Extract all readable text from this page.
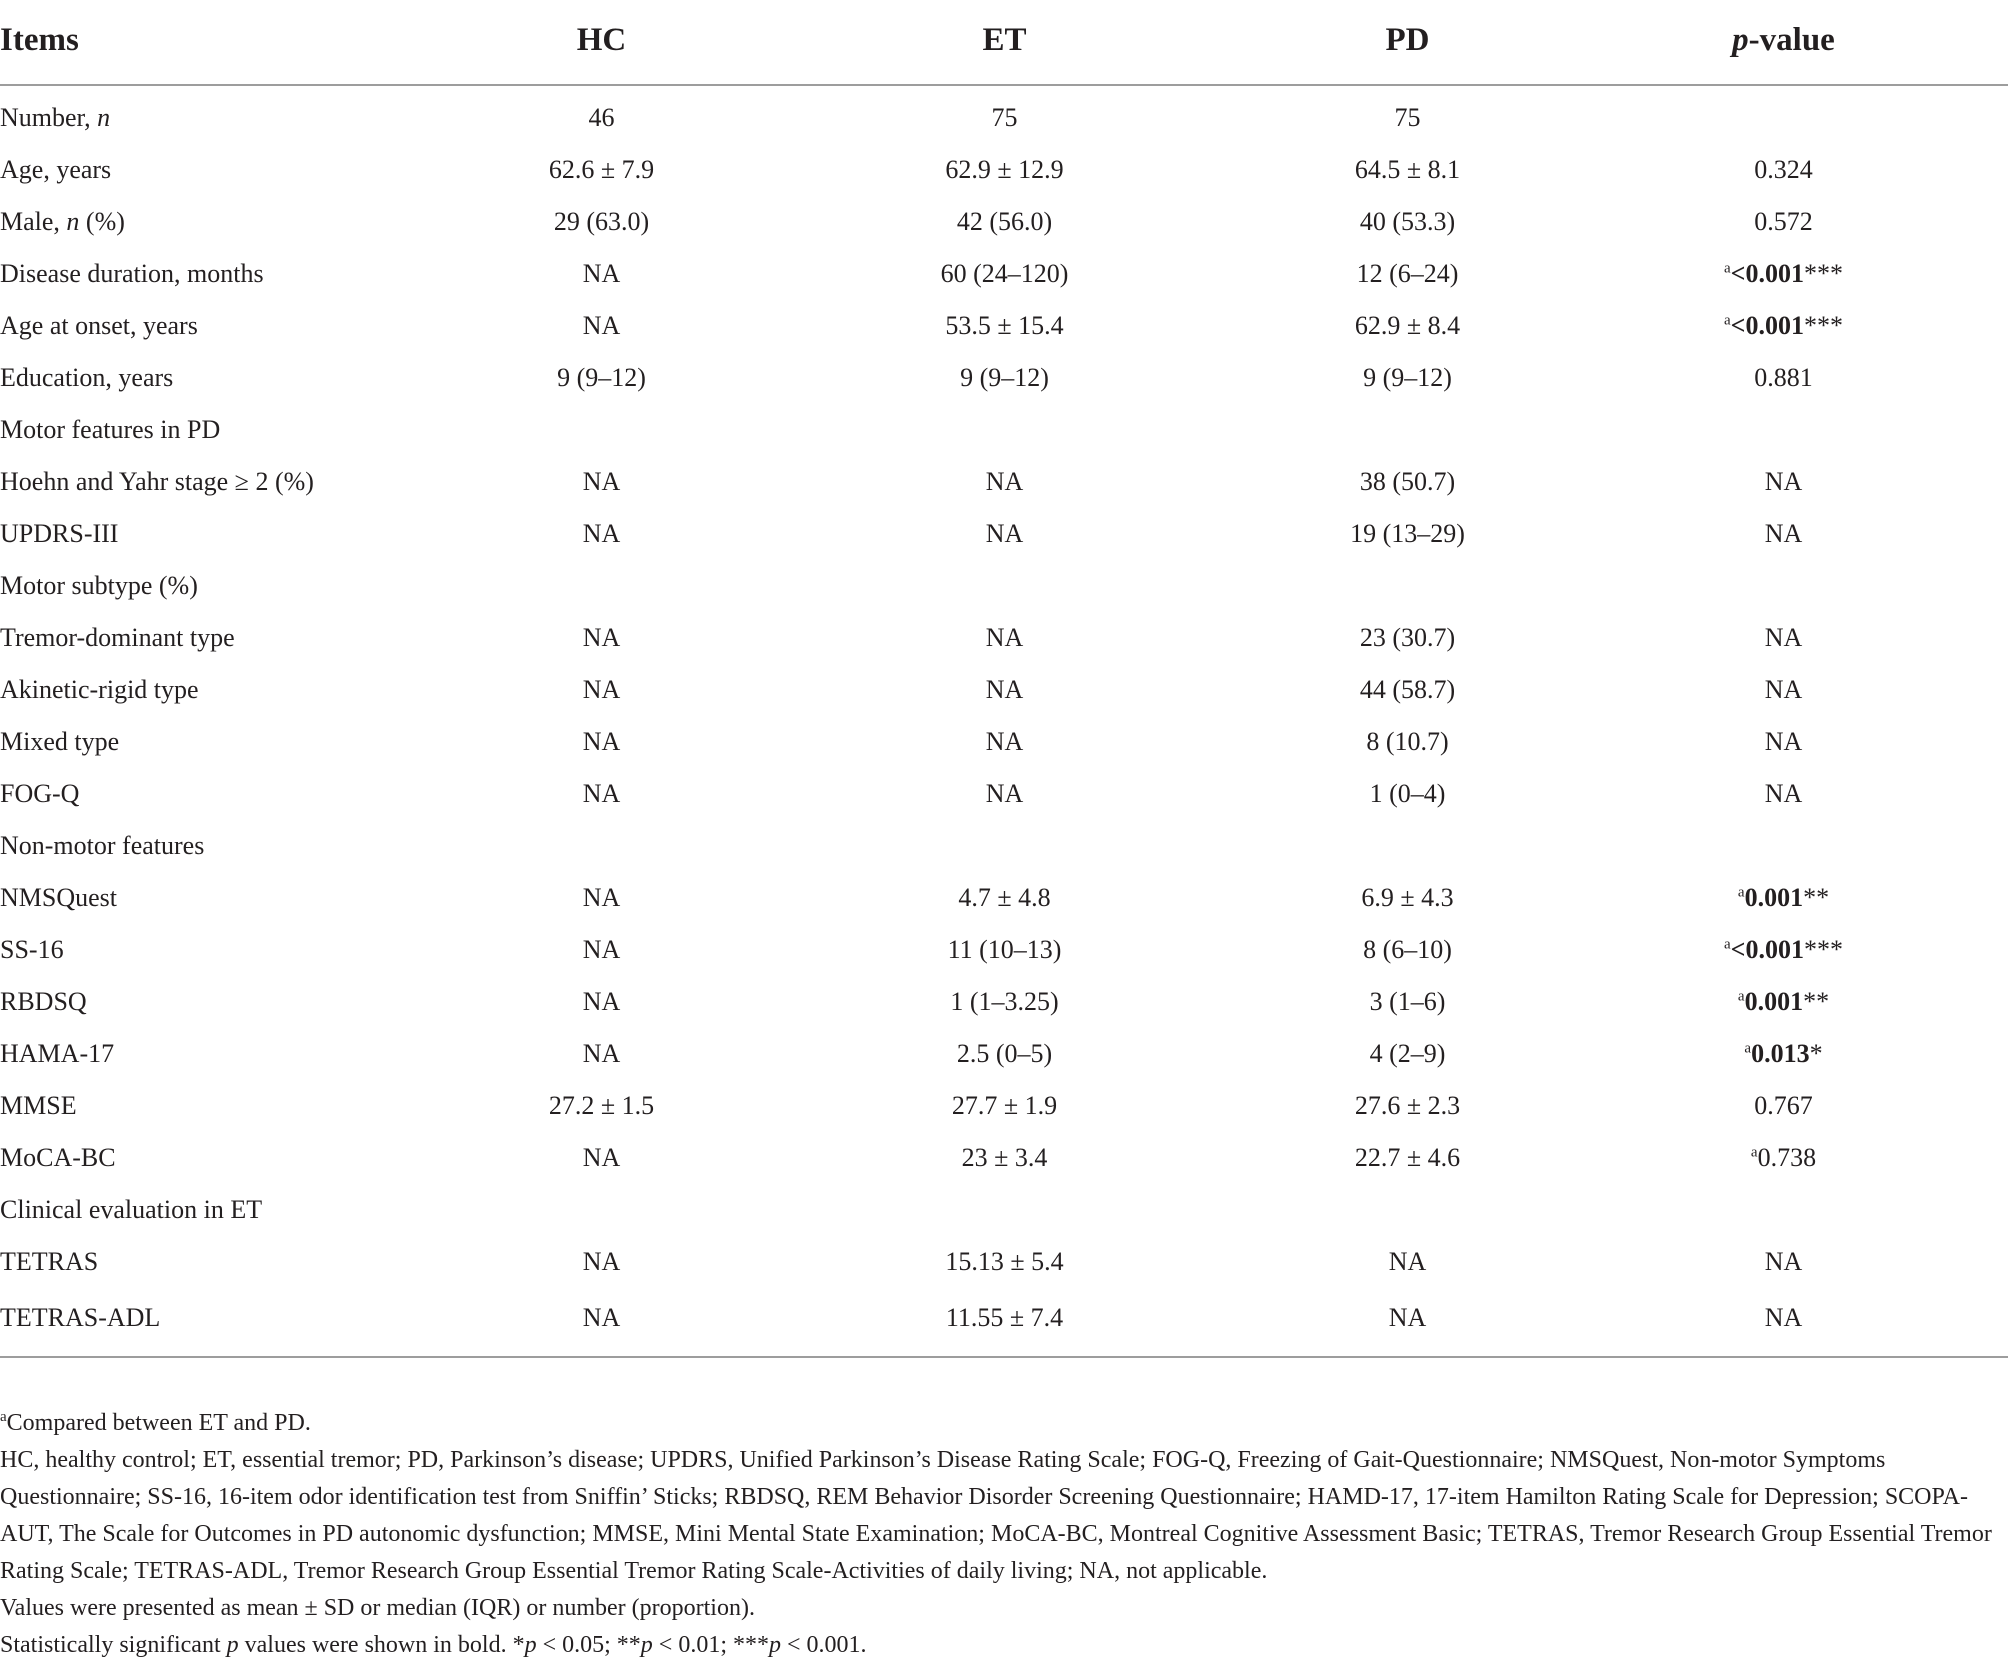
Items	HC	ET	PD	p-value
Number, n	46	75	75	
Age, years	62.6 ± 7.9	62.9 ± 12.9	64.5 ± 8.1	0.324
Male, n (%)	29 (63.0)	42 (56.0)	40 (53.3)	0.572
Disease duration, months	NA	60 (24–120)	12 (6–24)	$^a$<0.001***
Age at onset, years	NA	53.5 ± 15.4	62.9 ± 8.4	$^a$<0.001***
Education, years	9 (9–12)	9 (9–12)	9 (9–12)	0.881
Motor features in PD				
Hoehn and Yahr stage ≥ 2 (%)	NA	NA	38 (50.7)	NA
UPDRS-III	NA	NA	19 (13–29)	NA
Motor subtype (%)				
Tremor-dominant type	NA	NA	23 (30.7)	NA
Akinetic-rigid type	NA	NA	44 (58.7)	NA
Mixed type	NA	NA	8 (10.7)	NA
FOG-Q	NA	NA	1 (0–4)	NA
Non-motor features				
NMSQuest	NA	4.7 ± 4.8	6.9 ± 4.3	$^a$0.001**
SS-16	NA	11 (10–13)	8 (6–10)	$^a$<0.001***
RBDSQ	NA	1 (1–3.25)	3 (1–6)	$^a$0.001**
HAMA-17	NA	2.5 (0–5)	4 (2–9)	$^a$0.013*
MMSE	27.2 ± 1.5	27.7 ± 1.9	27.6 ± 2.3	0.767
MoCA-BC	NA	23 ± 3.4	22.7 ± 4.6	$^a$0.738
Clinical evaluation in ET				
TETRAS	NA	15.13 ± 5.4	NA	NA
TETRAS-ADL	NA	11.55 ± 7.4	NA	NA

$^a$Compared between ET and PD.

HC, healthy control; ET, essential tremor; PD, Parkinson’s disease; UPDRS, Unified Parkinson’s Disease Rating Scale; FOG-Q, Freezing of Gait-Questionnaire; NMSQuest, Non-motor Symptoms Questionnaire; SS-16, 16-item odor identification test from Sniffin’ Sticks; RBDSQ, REM Behavior Disorder Screening Questionnaire; HAMD-17, 17-item Hamilton Rating Scale for Depression; SCOPA-AUT, The Scale for Outcomes in PD autonomic dysfunction; MMSE, Mini Mental State Examination; MoCA-BC, Montreal Cognitive Assessment Basic; TETRAS, Tremor Research Group Essential Tremor Rating Scale; TETRAS-ADL, Tremor Research Group Essential Tremor Rating Scale-Activities of daily living; NA, not applicable.

Values were presented as mean ± SD or median (IQR) or number (proportion).

Statistically significant p values were shown in bold. *p < 0.05; **p < 0.01; ***p < 0.001.
